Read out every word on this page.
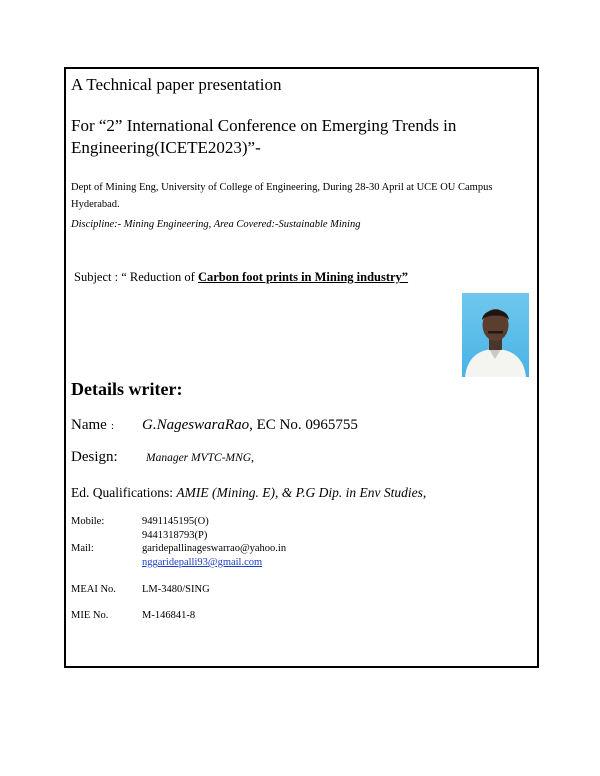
A Technical paper presentation
For “2” International Conference on Emerging Trends in Engineering(ICETE2023)”-
Dept of Mining Eng, University of College of Engineering, During 28-30 April at UCE OU Campus Hyderabad.
Discipline:- Mining Engineering, Area Covered:-Sustainable Mining
Subject : “ Reduction of Carbon foot prints in Mining industry”
Details writer:
Name : G.NageswaraRao, EC No. 0965755
Design: Manager MVTC-MNG,
Ed. Qualifications: AMIE (Mining. E), & P.G Dip. in Env Studies,
Mobile:	9491145195(O)
9441318793(P)
Mail:	garidepallinageswarrao@yahoo.in
nggaridepalli93@gmail.com
MEAI No. LM-3480/SING
MIE No.	M-146841-8
